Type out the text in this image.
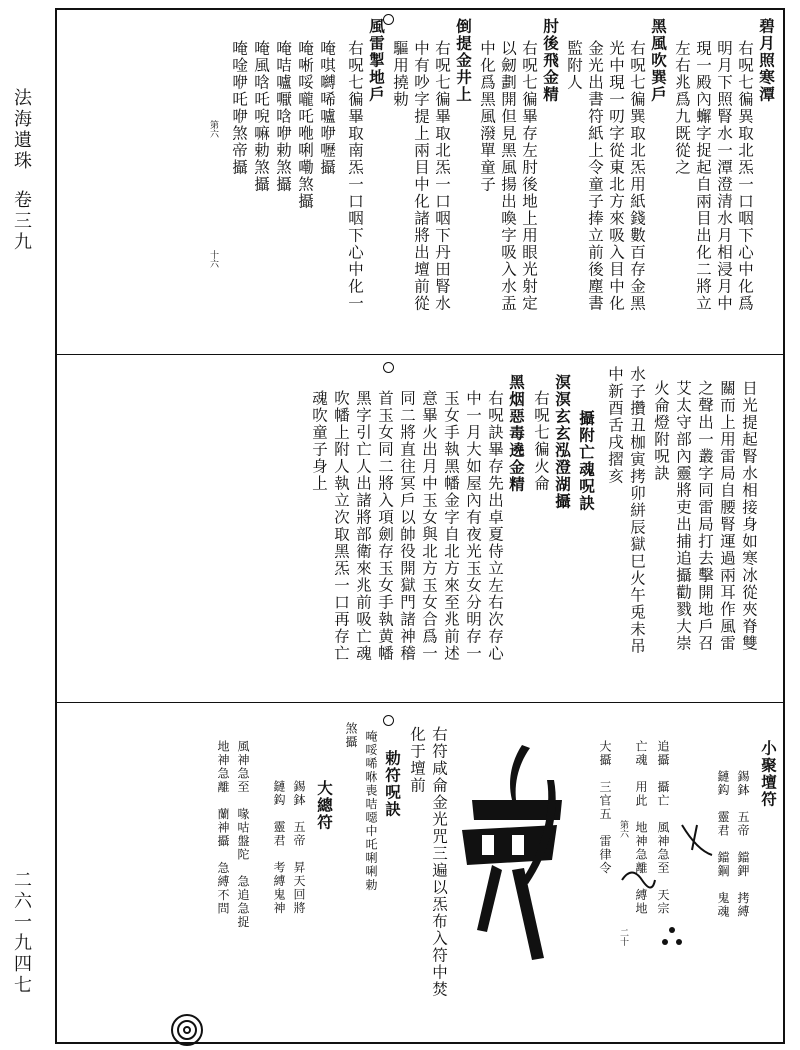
法海遺珠
卷三九
二六一九四七
碧月照寒潭
右呪七徧異取北炁一口咽下心中化爲
明月下照腎水一潭澄清水月相浸月中
現一殿內蠏字捉起自兩目出化二將立
左右兆爲九既從之
黑風吹巽戶
右呪七徧巽取北炁用紙錢數百存金黑
光中現一叨字從東北方來吸入目中化
金光出書符紙上令童子捧立前後塵書
監附人
肘後飛金精
右呪七徧畢存左肘後地上用眼光射定
以劒劃開但見黑風揚出喚字吸入水盂
中化爲黑風潑單童子
倒提金井上
右呪七徧畢取北炁一口咽下丹田腎水
中有吵字提上兩目中化諸將出壇前從
驅用撓勅
風雷掣地戶
右呪七徧畢取南炁一口咽下心中化一
唵唭嚩唏嚧咿嚦攝
唵唽哸嚨吒咃唎嘞煞攝
唵咭嚧嚈唅咿勅煞攝
唵風唅吒唲嘛勅煞攝
唵唫咿吒咿煞帝攝
第六
十六
日光提起腎水相接身如寒冰從夾脊雙
關而上用雷局自腰腎運過兩耳作風雷
之聲出一叢字同雷局打去擊開地戶召
艾太守部內靈將吏出捕追攝勸戮大崇
火侖燈附呪訣
水子攢丑枷寅拷卯絣辰獄巳火午兎未吊
中新酉舌戌摺亥
攝附亡魂呪訣
溟溟玄玄泓澄湖攝
右呪七徧火侖
黑烟惡毒遶金精
右呪訣畢存先出卓夏侍立左右次存心
中一月大如屋內有夜光玉女分明存一
玉女手執黑幡金字自北方來至兆前述
意畢火出月中玉女與北方玉女合爲一
同二將直往冥戶以帥役開獄門諸神稽
首玉女同二將入項劍存玉女手執黄幡
黑字引亡人出諸將部衛來兆前吸亡魂
吹幡上附人執立次取黑炁一口再存亡
魂吹童子身上
小聚壇符
錫鉢　五帝　鐺鉀　拷縛
鏈鈎　靈君　鐺鋼　鬼魂
追攝　攝亡　風神急至　天宗
亡魂　用此　地神急離　縛地
大攝　三官五　雷律令
右符咸侖金光咒三遍以炁布入符中焚
化于壇前
勅符呪訣
唵哸唏咻喪咭噁中吒唎唎勅
煞攝
大總符
錫鉢　五帝　昇天回將
鏈鈎　靈君　考縛鬼神
風神急至　喙咕盤陀　急追急捉
地神急離　蘭神攝　急縛不問	第六
二十
